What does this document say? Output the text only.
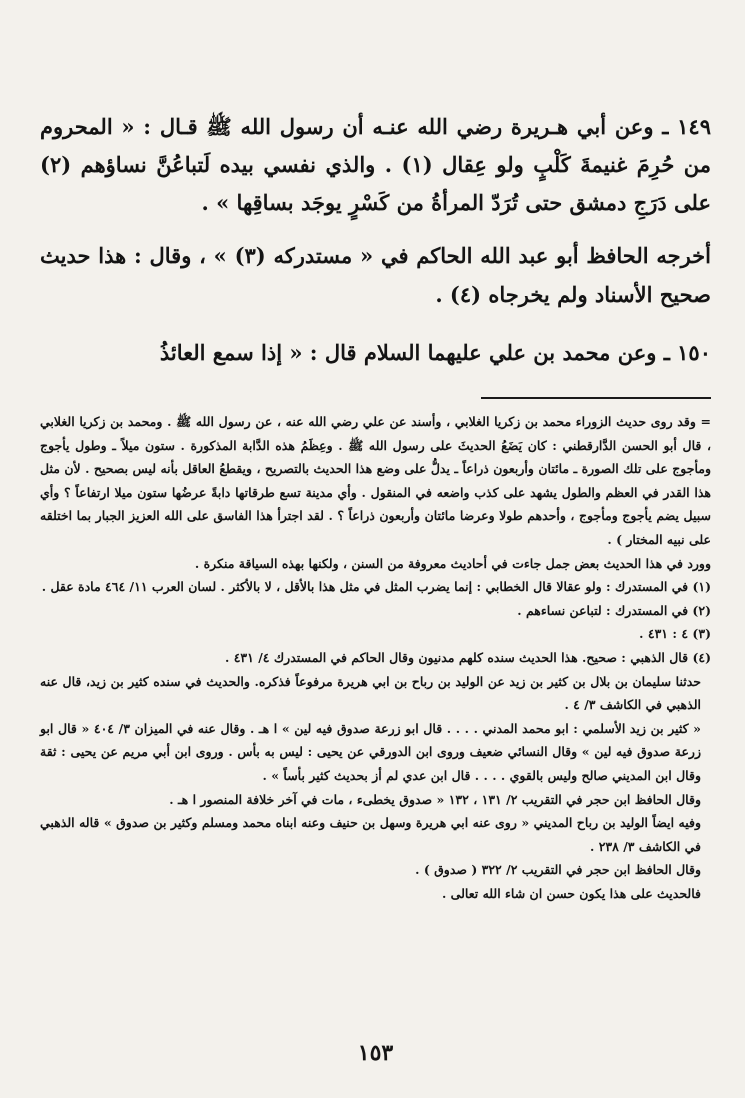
١٤٩ ـ وعن أبي هـريرة رضي الله عنـه أن رسول الله ﷺ قـال : « المحروم من حُرِمَ غنيمةَ كَلْبٍ ولو عِقال (١) . والذي نفسي بيده لَتباعُنَّ نساؤهم (٢) على دَرَجِ دمشق حتى تُرَدّ المرأةُ من كَسْرٍ يوجَد بساقِها » .

أخرجه الحافظ أبو عبد الله الحاكم في « مستدركه (٣) » ، وقال : هذا حديث صحيح الأسناد ولم يخرجاه (٤) .

١٥٠ ـ وعن محمد بن علي عليهما السلام قال : « إذا سمع العائذُ

= وقد روى حديث الزوراء محمد بن زكريا الغلابي ، وأسند عن علي رضي الله عنه ، عن رسول الله ﷺ . ومحمد بن زكريا الغلابي ، قال أبو الحسن الدَّارقطني : كان يَضَعُ الحديثَ على رسول الله ﷺ . وعِظَمُ هذه الدَّابة المذكورة . ستون ميلاً ـ وطول يأجوج ومأجوج على تلك الصورة ـ مائتان وأربعون ذراعاً ـ يدلُّ على وضع هذا الحديث بالتصريح ، ويقطعُ العاقل بأنه ليس بصحيح . لأن مثل هذا القدر في العظم والطول يشهد على كذب واضعه في المنقول . وأي مدينة تسع طرقاتها دابةً عرضُها ستون ميلا ارتفاعاً ؟ وأي سبيل يضم يأجوج ومأجوج ، وأحدهم طولا وعرضا مائتان وأربعون ذراعاً ؟ . لقد اجترأ هذا الفاسق على الله العزيز الجبار بما اختلقه على نبيه المختار ) .

وورد في هذا الحديث بعض جمل جاءت في أحاديث معروفة من السنن ، ولكنها بهذه السياقة منكرة .

(١) في المستدرك : ولو عقالا قال الخطابي : إنما يضرب المثل في مثل هذا بالأقل ، لا بالأكثر . لسان العرب ١١/ ٤٦٤ مادة عقل .

(٢) في المستدرك : لتباعن نساءهم .

(٣) ٤ : ٤٣١ .

(٤) قال الذهبي : صحيح. هذا الحديث سنده كلهم مدنيون وقال الحاكم في المستدرك ٤/ ٤٣١ .

حدثنا سليمان بن بلال بن كثير بن زيد عن الوليد بن رباح بن ابي هريرة مرفوعاً فذكره. والحديث في سنده كثير بن زيد، قال عنه الذهبي في الكاشف ٣/ ٤ .

« كثير بن زيد الأسلمي : ابو محمد المدني . . . . قال ابو زرعة صدوق فيه لين » ا هـ . وقال عنه في الميزان ٣/ ٤٠٤ « قال ابو زرعة صدوق فيه لين » وقال النسائي ضعيف وروى ابن الدورقي عن يحيى : ليس به بأس . وروى ابن أبي مريم عن يحيى : ثقة وقال ابن المديني صالح وليس بالقوي . . . . قال ابن عدي لم أز بحديث كثير بأساً » .

وقال الحافظ ابن حجر في التقريب ٢/ ١٣١ ، ١٣٢ « صدوق يخطىء ، مات في آخر خلافة المنصور ا هـ .

وفيه ايضاً الوليد بن رباح المديني « روى عنه ابي هريرة وسهل بن حنيف وعنه ابناه محمد ومسلم وكثير بن صدوق » قاله الذهبي في الكاشف ٣/ ٢٣٨ .

وقال الحافظ ابن حجر في التقريب ٢/ ٣٢٢ ( صدوق ) .

فالحديث على هذا يكون حسن ان شاء الله تعالى .

١٥٣
